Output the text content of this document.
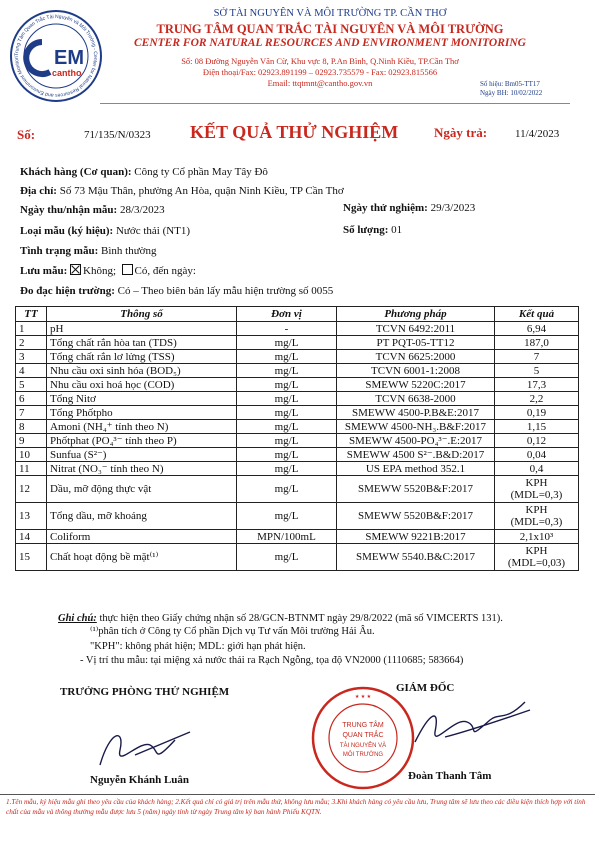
Trung Tâm Quan Trắc Tài Nguyên và Môi Trường - Center for Natural Resources and Environment Monitori	EM
cantho
SỞ TÀI NGUYÊN VÀ MÔI TRƯỜNG TP. CẦN THƠ
TRUNG TÂM QUAN TRẮC TÀI NGUYÊN VÀ MÔI TRƯỜNG
CENTER FOR NATURAL RESOURCES AND ENVIRONMENT MONITORING
Số: 08 Đường Nguyễn Văn Cừ, Khu vực 8, P.An Bình, Q.Ninh Kiều, TP.Cần Thơ
Điện thoại/Fax: 02923.891199 – 02923.735579 - Fax: 02923.815566
Email: ttqtmnt@cantho.gov.vn	Số hiệu: Bm05-TT17
Ngày BH: 10/02/2022
Số:	71/135/N/0323 KẾT QUẢ THỬ NGHIỆM	Ngày trả:	11/4/2023
Khách hàng (Cơ quan): Công ty Cổ phần May Tây Đô
Địa chỉ: Số 73 Mậu Thân, phường An Hòa, quận Ninh Kiều, TP Cần Thơ
Ngày thu/nhận mẫu: 28/3/2023	Ngày thử nghiệm: 29/3/2023
Loại mẫu (ký hiệu): Nước thải (NT1)	Số lượng: 01
Tình trạng mẫu: Bình thường
Lưu mẫu: Không; Có, đến ngày:
Đo đạc hiện trường: Có – Theo biên bản lấy mẫu hiện trường số 0055
TT	Thông số	Đơn vị	Phương pháp	Kết quả
1	pH	-	TCVN 6492:2011	6,94
2	Tổng chất rắn hòa tan (TDS)	mg/L	PT PQT-05-TT12	187,0
3	Tổng chất rắn lơ lửng (TSS)	mg/L	TCVN 6625:2000	7
4	Nhu cầu oxi sinh hóa (BOD₅)	mg/L	TCVN 6001-1:2008	5
5	Nhu cầu oxi hoá học (COD)	mg/L	SMEWW 5220C:2017	17,3
6	Tổng Nitơ	mg/L	TCVN 6638-2000	2,2
7	Tổng Phốtpho	mg/L	SMEWW 4500-P.B&E:2017	0,19
8	Amoni (NH₄⁺ tính theo N)	mg/L	SMEWW 4500-NH₃.B&F:2017	1,15
9	Phốtphat (PO₄³⁻ tính theo P)	mg/L	SMEWW 4500-PO₄³⁻.E:2017	0,12
10	Sunfua (S²⁻)	mg/L	SMEWW 4500 S²⁻.B&D:2017	0,04
11	Nitrat (NO₃⁻ tính theo N)	mg/L	US EPA method 352.1	0,4
12	Dầu, mỡ động thực vật	mg/L	SMEWW 5520B&F:2017	KPH
(MDL=0,3)

13	Tổng dầu, mỡ khoáng	mg/L	SMEWW 5520B&F:2017	KPH
(MDL=0,3)

14	Coliform	MPN/100mL	SMEWW 9221B:2017	2,1x10³
15	Chất hoạt động bề mặt⁽¹⁾	mg/L	SMEWW 5540.B&C:2017	KPH
(MDL=0,03)
Ghi chú: thực hiện theo Giấy chứng nhận số 28/GCN-BTNMT ngày 29/8/2022 (mã số VIMCERTS 131).
⁽¹⁾phân tích ở Công ty Cổ phần Dịch vụ Tư vấn Môi trường Hải Âu.
"KPH": không phát hiện; MDL: giới hạn phát hiện.
- Vị trí thu mẫu: tại miệng xả nước thải ra Rạch Ngỗng, tọa độ VN2000 (1110685; 583664)
TRƯỞNG PHÒNG THỬ NGHIỆM	GIÁM ĐỐC
TRUNG TÂM
QUAN TRẮC
TÀI NGUYÊN VÀ
MÔI TRƯỜNG
★ ★ ★
Nguyễn Khánh Luân	Đoàn Thanh Tâm
1.Tên mẫu, ký hiệu mẫu ghi theo yêu cầu của khách hàng; 2.Kết quả chỉ có giá trị trên mẫu thử, không lưu mẫu; 3.Khi khách hàng có yêu cầu lưu, Trung tâm sẽ lưu theo các điều kiện thích hợp với tính chất của mẫu và thông thường mẫu được lưu 5 (năm) ngày tính từ ngày Trung tâm ký ban hành Phiếu KQTN.
